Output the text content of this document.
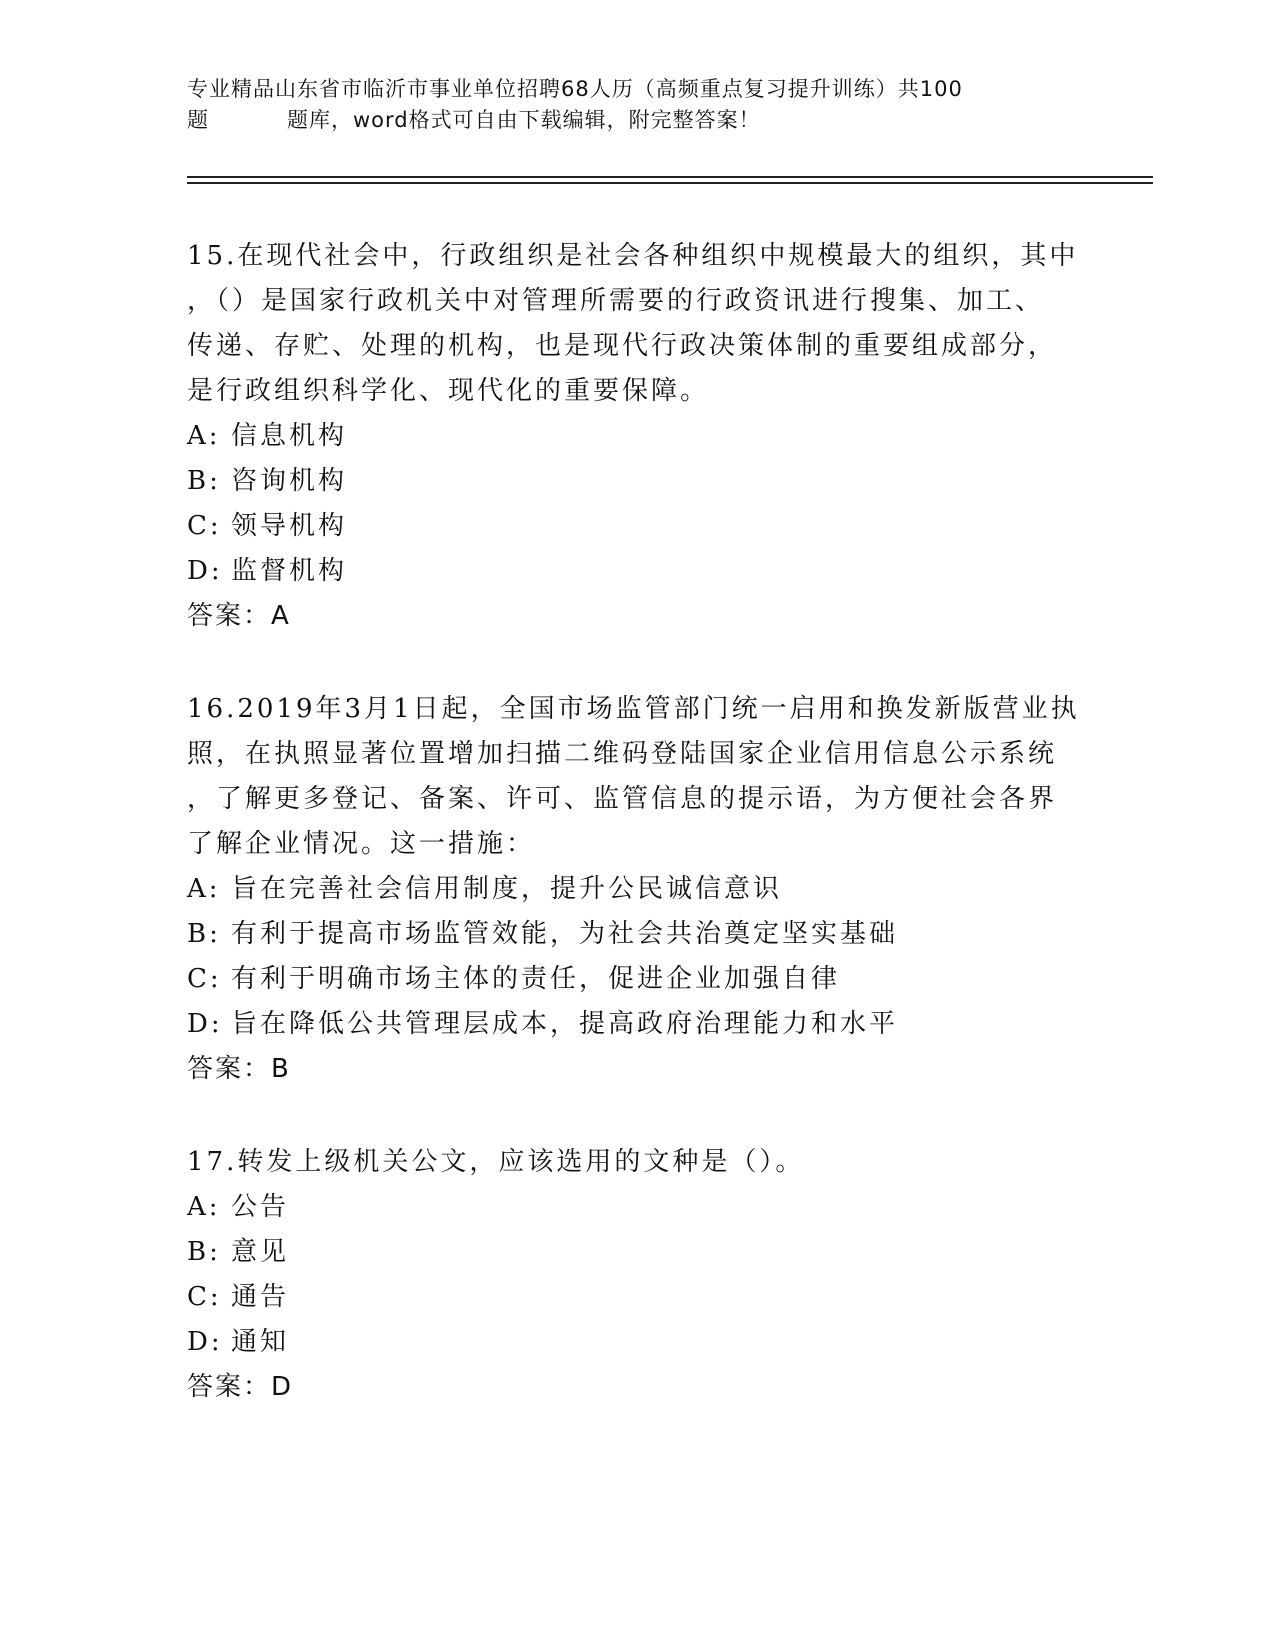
专业精品山东省市临沂市事业单位招聘68人历（高频重点复习提升训练）共100
题	题库，word格式可自由下载编辑，附完整答案！
15.在现代社会中，行政组织是社会各种组织中规模最大的组织，其中
，（）是国家行政机关中对管理所需要的行政资讯进行搜集、加工、
传递、存贮、处理的机构，也是现代行政决策体制的重要组成部分，
是行政组织科学化、现代化的重要保障。
A: 信息机构
B: 咨询机构
C: 领导机构
D: 监督机构
答案：A
16.2019年3月1日起，全国市场监管部门统一启用和换发新版营业执
照，在执照显著位置增加扫描二维码登陆国家企业信用信息公示系统
，了解更多登记、备案、许可、监管信息的提示语，为方便社会各界
了解企业情况。这一措施：
A: 旨在完善社会信用制度，提升公民诚信意识
B: 有利于提高市场监管效能，为社会共治奠定坚实基础
C: 有利于明确市场主体的责任，促进企业加强自律
D: 旨在降低公共管理层成本，提高政府治理能力和水平
答案：B
17.转发上级机关公文，应该选用的文种是（）。
A: 公告
B: 意见
C: 通告
D: 通知
答案：D
